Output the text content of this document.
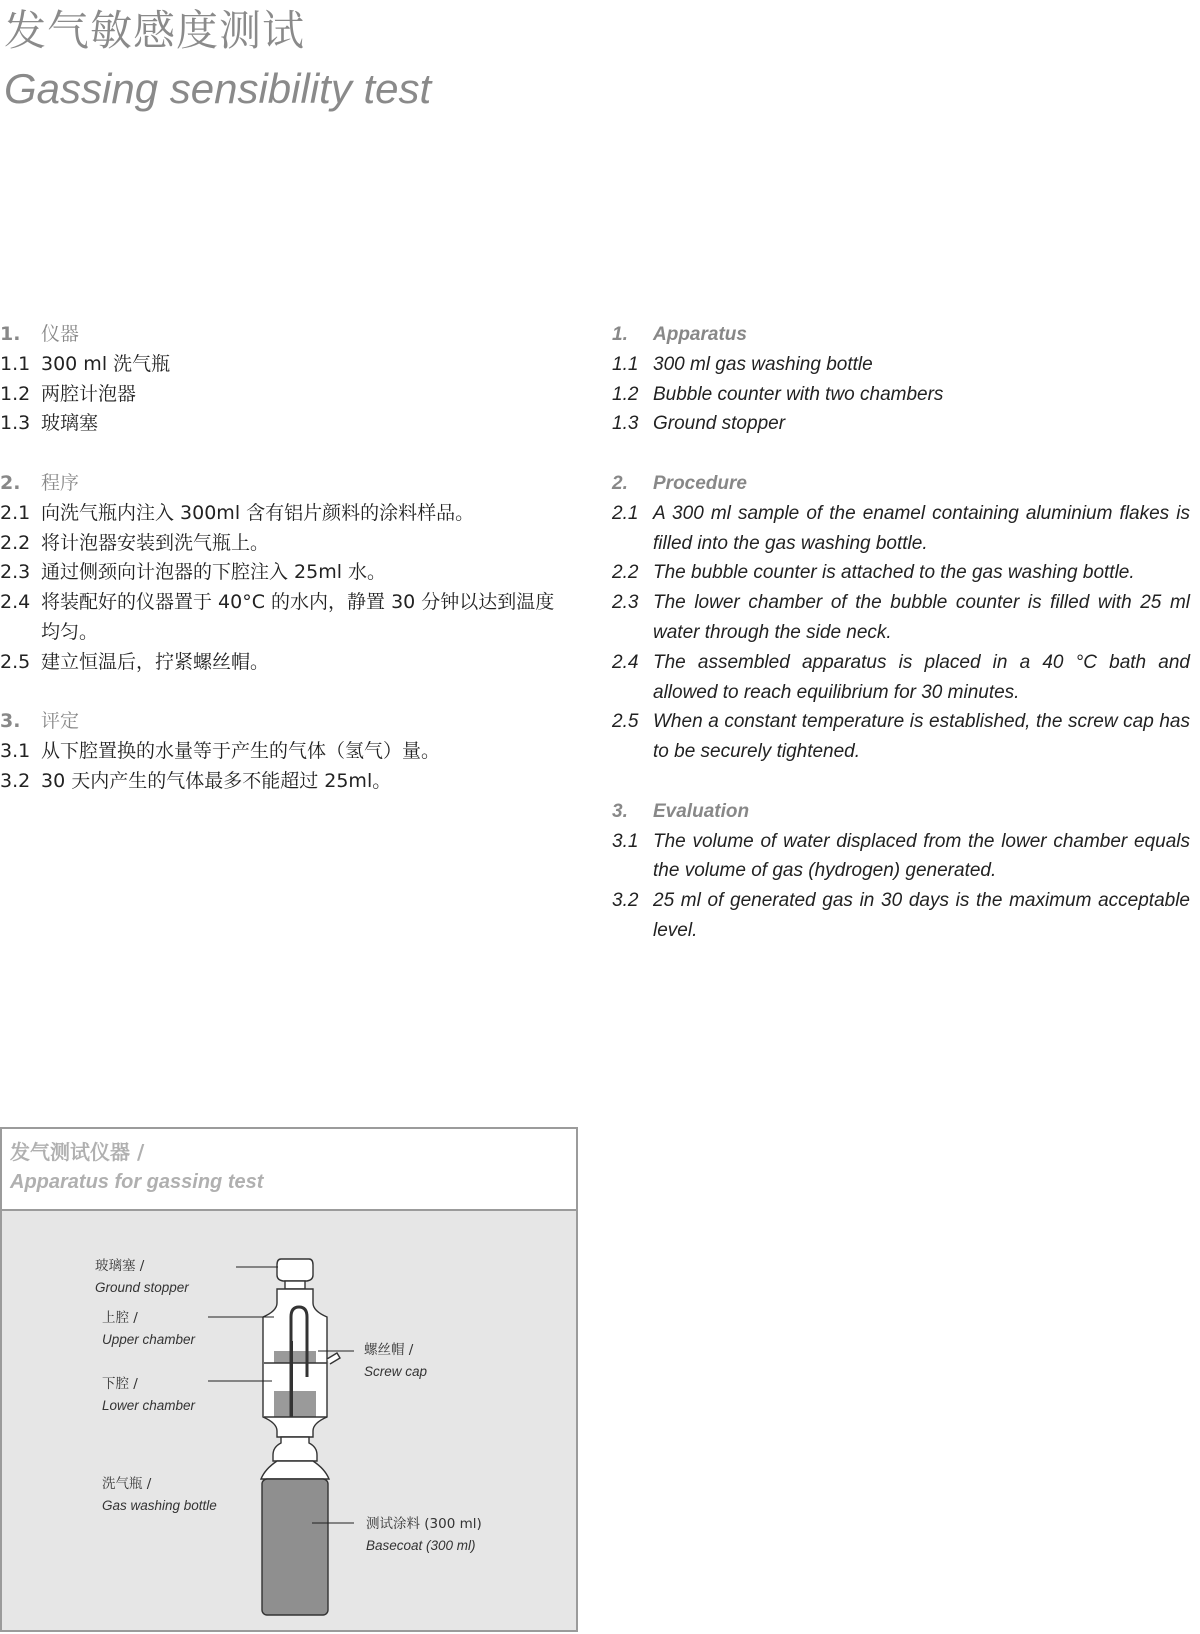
发气敏感度测试
Gassing sensibility test
1.	仪器
1.1 300 ml 洗气瓶
1.2 两腔计泡器
1.3 玻璃塞
2.	程序
2.1 向洗气瓶内注入 300ml 含有铝片颜料的涂料样品。
2.2 将计泡器安装到洗气瓶上。
2.3 通过侧颈向计泡器的下腔注入 25ml 水。
2.4 将装配好的仪器置于 40°C 的水内，静置 30 分钟以达到温度均匀。
2.5 建立恒温后，拧紧螺丝帽。
3.	评定
3.1 从下腔置换的水量等于产生的气体（氢气）量。
3.2 30 天内产生的气体最多不能超过 25ml。
1.	Apparatus
1.1 300 ml gas washing bottle
1.2 Bubble counter with two chambers
1.3 Ground stopper
2.	Procedure
2.1 A 300 ml sample of the enamel containing aluminium flakes is filled into the gas washing bottle.
2.2 The bubble counter is attached to the gas washing bottle.
2.3 The lower chamber of the bubble counter is filled with 25 ml water through the side neck.
2.4 The assembled apparatus is placed in a 40 °C bath and allowed to reach equilibrium for 30 minutes.
2.5 When a constant temperature is established, the screw cap has to be securely tightened.
3.	Evaluation
3.1 The volume of water displaced from the lower chamber equals the volume of gas (hydrogen) generated.
3.2 25 ml of generated gas in 30 days is the maximum acceptable level.
发气测试仪器 /
Apparatus for gassing test
玻璃塞 /
Ground stopper
上腔 /
Upper chamber
下腔 /
Lower chamber
洗气瓶 /
Gas washing bottle
螺丝帽 /
Screw cap
测试涂料 (300 ml)
Basecoat (300 ml)
